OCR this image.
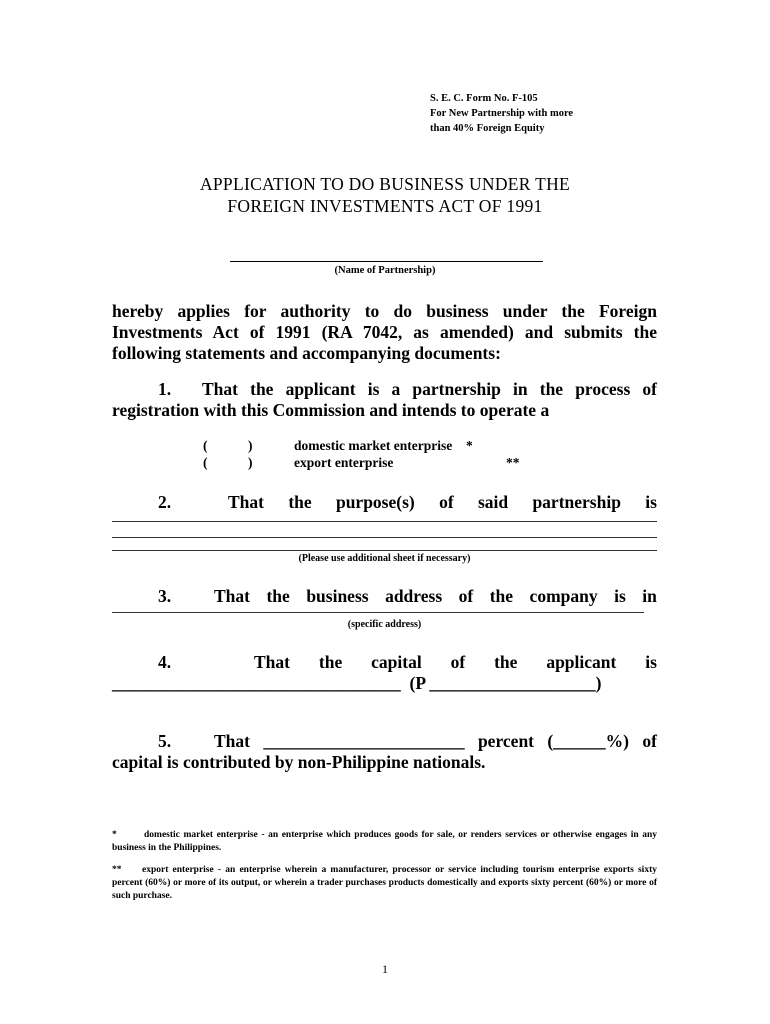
S. E. C. Form No. F-105
For New Partnership with more
than 40% Foreign Equity
APPLICATION TO DO BUSINESS UNDER THE
FOREIGN INVESTMENTS ACT OF 1991
(Name of Partnership)
hereby applies for authority to do business under the Foreign
Investments Act of 1991 (RA 7042, as amended) and submits the
following statements and accompanying documents:
1. That the applicant is a partnership in the process of
registration with this Commission and intends to operate a
(	)	domestic market enterprise *
(	)	export enterprise	**
2.	That the purpose(s) of said partnership is
(Please use additional sheet if necessary)
3. That the business address of the company is in
(specific address)
4.	That the capital of the applicant is
_________________________________  (P ___________________)
5. That _______________________ percent (______%) of
capital is contributed by non-Philippine nationals.
*	domestic market enterprise - an enterprise which produces goods for sale, or renders services or otherwise engages in any business in the Philippines.
** export enterprise - an enterprise wherein a manufacturer, processor or service including tourism enterprise exports sixty percent (60%) or more of its output, or wherein a trader purchases products domestically and exports sixty percent (60%) or more of such purchase.
1
